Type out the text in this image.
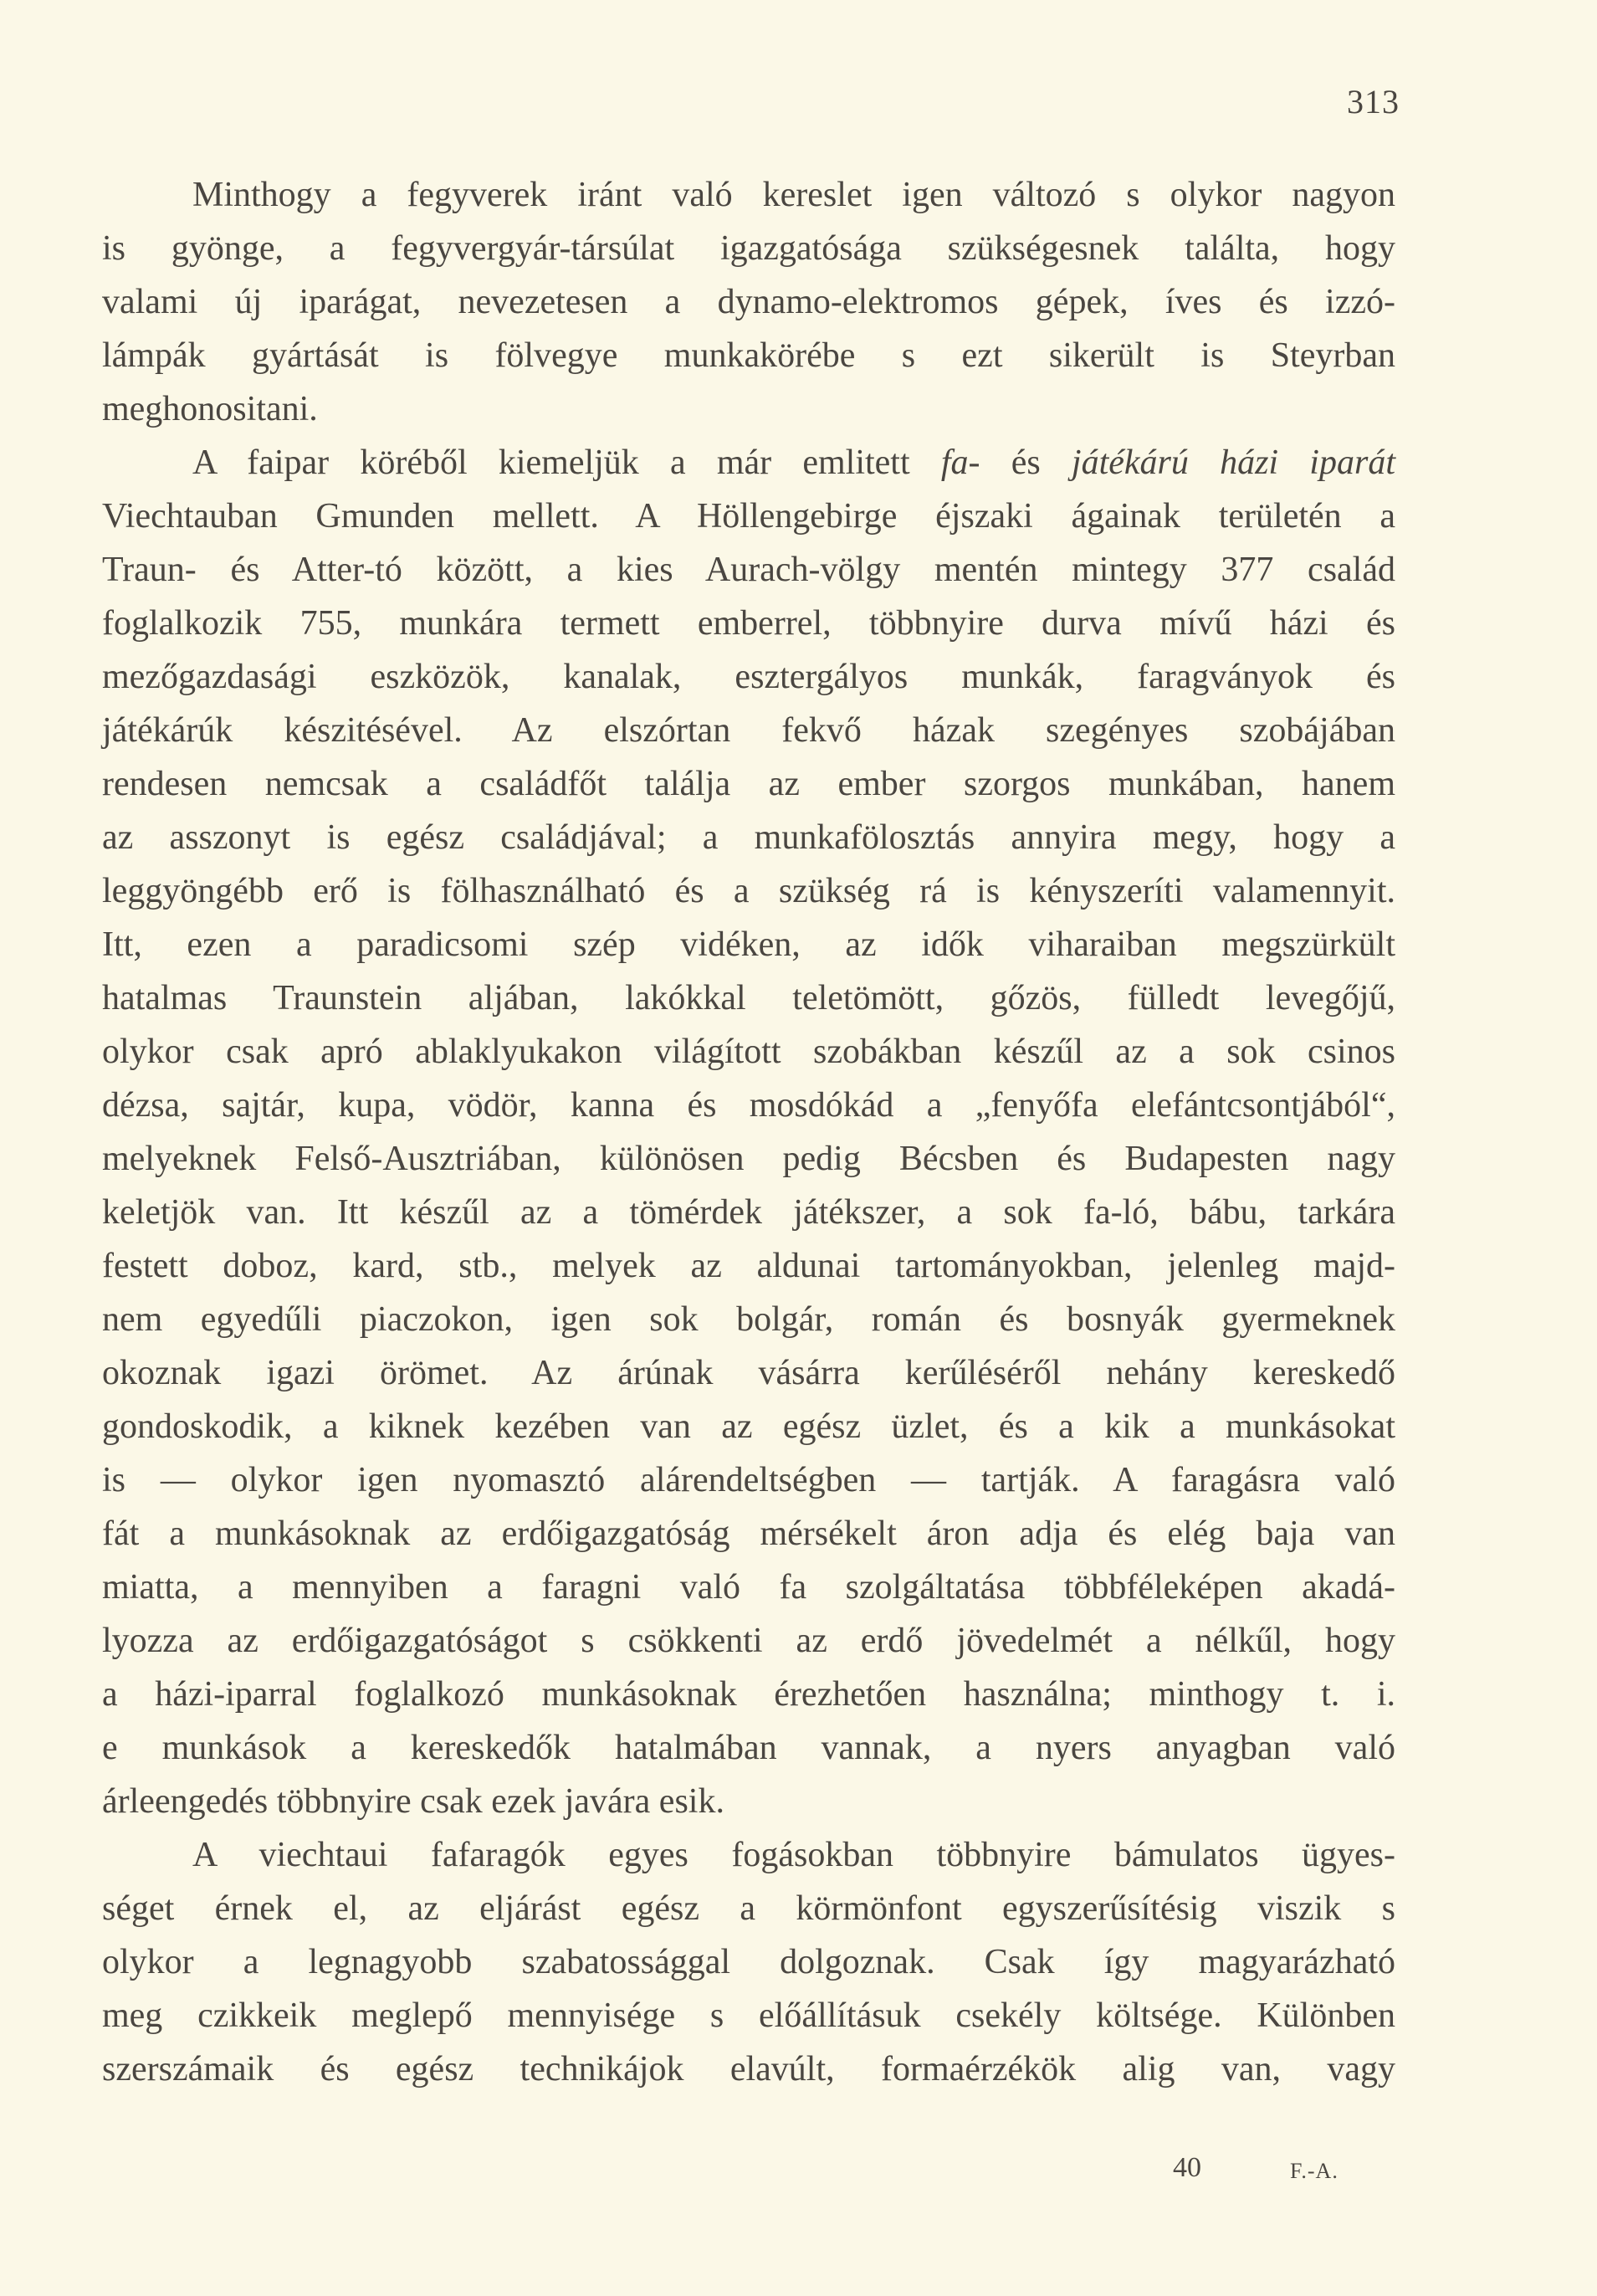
313
Minthogy a fegyverek iránt való kereslet igen változó s olykor nagyon
is gyönge, a fegyvergyár-társúlat igazgatósága szükségesnek találta, hogy
valami új iparágat, nevezetesen a dynamo-elektromos gépek, íves és izzó-
lámpák gyártását is fölvegye munkakörébe s ezt sikerült is Steyrban
meghonositani.
A faipar köréből kiemeljük a már emlitett fa- és játékárú házi iparát
Viechtauban Gmunden mellett. A Höllengebirge éjszaki ágainak területén a
Traun- és Atter-tó között, a kies Aurach-völgy mentén mintegy 377 család
foglalkozik 755, munkára termett emberrel, többnyire durva mívű házi és
mezőgazdasági eszközök, kanalak, esztergályos munkák, faragványok és
játékárúk készitésével. Az elszórtan fekvő házak szegényes szobájában
rendesen nemcsak a családfőt találja az ember szorgos munkában, hanem
az asszonyt is egész családjával; a munkafölosztás annyira megy, hogy a
leggyöngébb erő is fölhasználható és a szükség rá is kényszeríti valamennyit.
Itt, ezen a paradicsomi szép vidéken, az idők viharaiban megszürkült
hatalmas Traunstein aljában, lakókkal teletömött, gőzös, fülledt levegőjű,
olykor csak apró ablaklyukakon világított szobákban készűl az a sok csinos
dézsa, sajtár, kupa, vödör, kanna és mosdókád a „fenyőfa elefántcsontjából“,
melyeknek Felső-Ausztriában, különösen pedig Bécsben és Budapesten nagy
keletjök van. Itt készűl az a tömérdek játékszer, a sok fa-ló, bábu, tarkára
festett doboz, kard, stb., melyek az aldunai tartományokban, jelenleg majd-
nem egyedűli piaczokon, igen sok bolgár, román és bosnyák gyermeknek
okoznak igazi örömet. Az árúnak vásárra kerűléséről nehány kereskedő
gondoskodik, a kiknek kezében van az egész üzlet, és a kik a munkásokat
is — olykor igen nyomasztó alárendeltségben — tartják. A faragásra való
fát a munkásoknak az erdőigazgatóság mérsékelt áron adja és elég baja van
miatta, a mennyiben a faragni való fa szolgáltatása többféleképen akadá-
lyozza az erdőigazgatóságot s csökkenti az erdő jövedelmét a nélkűl, hogy
a házi-iparral foglalkozó munkásoknak érezhetően használna; minthogy t. i.
e munkások a kereskedők hatalmában vannak, a nyers anyagban való
árleengedés többnyire csak ezek javára esik.
A viechtaui fafaragók egyes fogásokban többnyire bámulatos ügyes-
séget érnek el, az eljárást egész a körmönfont egyszerűsítésig viszik s
olykor a legnagyobb szabatossággal dolgoznak. Csak így magyarázható
meg czikkeik meglepő mennyisége s előállításuk csekély költsége. Különben
szerszámaik és egész technikájok elavúlt, formaérzékök alig van, vagy
F.-A.
40
